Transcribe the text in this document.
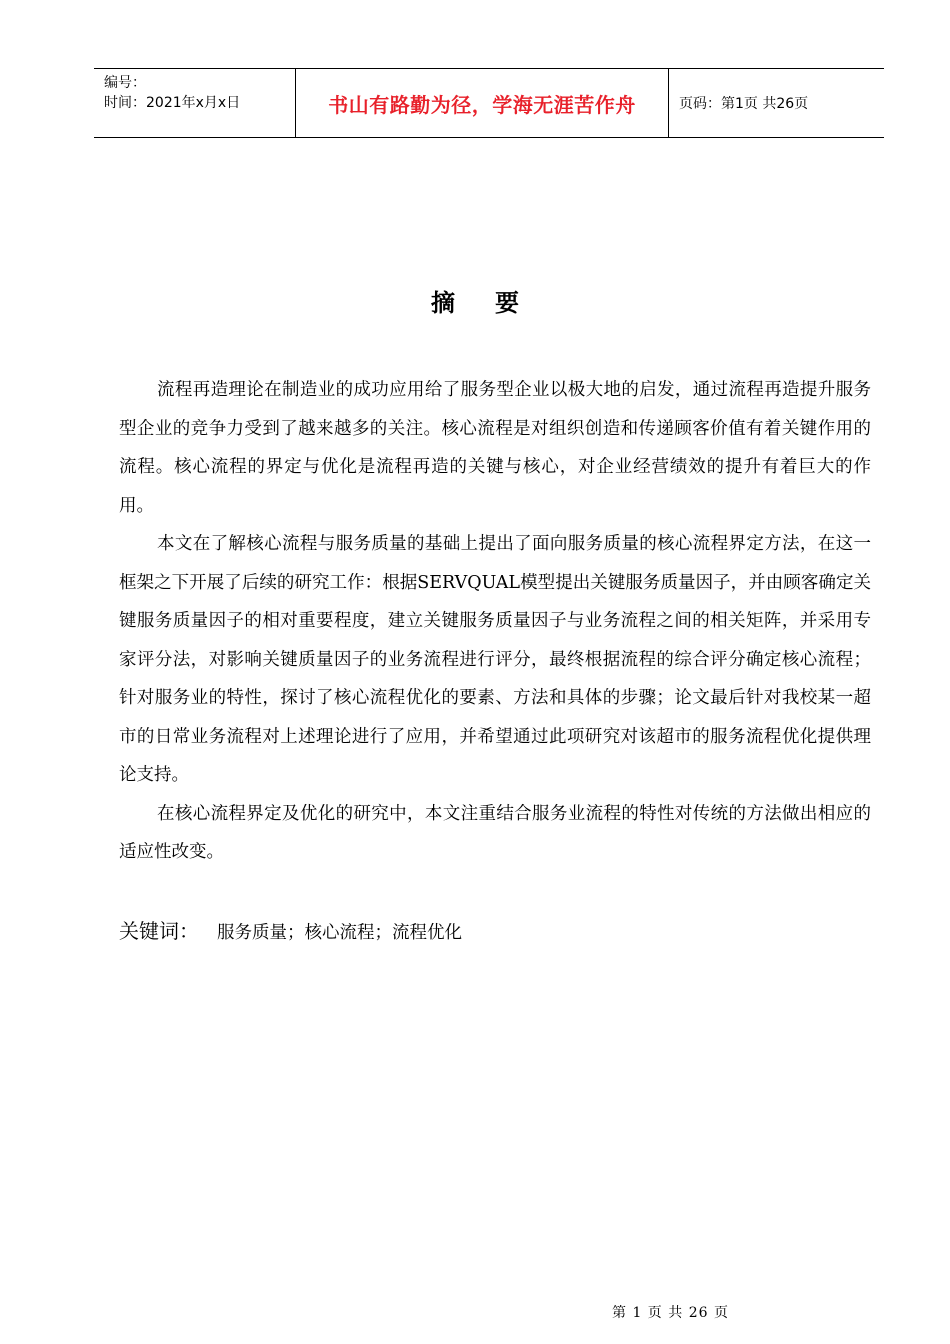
编号：
时间：2021年x月x日	书山有路勤为径，学海无涯苦作舟	页码：第1页 共26页
摘要

流程再造理论在制造业的成功应用给了服务型企业以极大地的启发，通过流程再造提升服务型企业的竞争力受到了越来越多的关注。核心流程是对组织创造和传递顾客价值有着关键作用的流程。核心流程的界定与优化是流程再造的关键与核心，对企业经营绩效的提升有着巨大的作用。

本文在了解核心流程与服务质量的基础上提出了面向服务质量的核心流程界定方法，在这一框架之下开展了后续的研究工作：根据SERVQUAL模型提出关键服务质量因子，并由顾客确定关键服务质量因子的相对重要程度，建立关键服务质量因子与业务流程之间的相关矩阵，并采用专家评分法，对影响关键质量因子的业务流程进行评分，最终根据流程的综合评分确定核心流程；针对服务业的特性，探讨了核心流程优化的要素、方法和具体的步骤；论文最后针对我校某一超市的日常业务流程对上述理论进行了应用，并希望通过此项研究对该超市的服务流程优化提供理论支持。

在核心流程界定及优化的研究中，本文注重结合服务业流程的特性对传统的方法做出相应的适应性改变。

关键词： 服务质量；核心流程；流程优化
第 1 页 共 26 页
